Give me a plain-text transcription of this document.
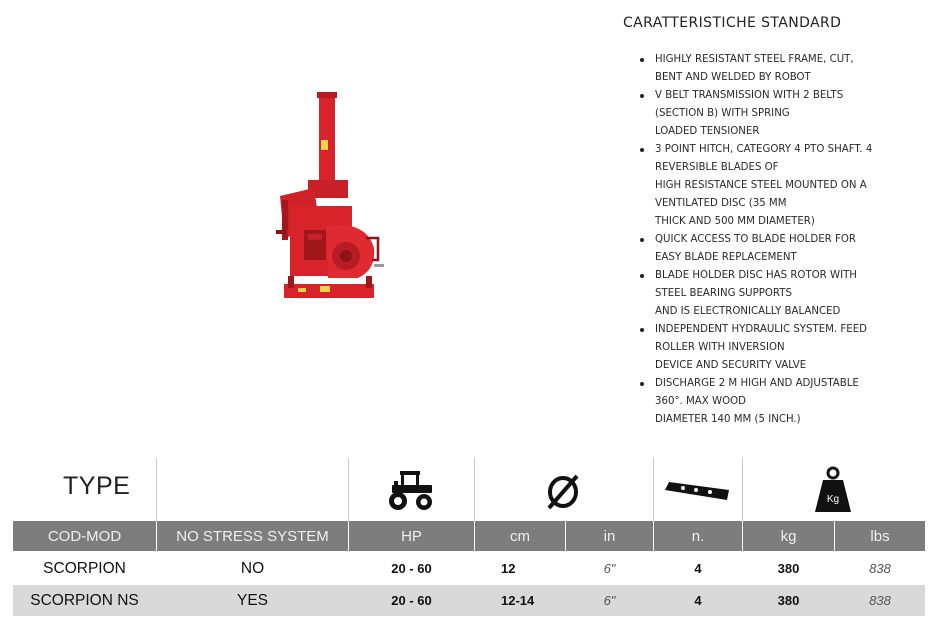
CARATTERISTICHE STANDARD
HIGHLY RESISTANT STEEL FRAME, CUT,
BENT AND WELDED BY ROBOT
V BELT TRANSMISSION WITH 2 BELTS
(SECTION B) WITH SPRING
LOADED TENSIONER
3 POINT HITCH, CATEGORY 4 PTO SHAFT. 4
REVERSIBLE BLADES OF
HIGH RESISTANCE STEEL MOUNTED ON A
VENTILATED DISC (35 MM
THICK AND 500 MM DIAMETER)
QUICK ACCESS TO BLADE HOLDER FOR
EASY BLADE REPLACEMENT
BLADE HOLDER DISC HAS ROTOR WITH
STEEL BEARING SUPPORTS
AND IS ELECTRONICALLY BALANCED
INDEPENDENT HYDRAULIC SYSTEM. FEED
ROLLER WITH INVERSION
DEVICE AND SECURITY VALVE
DISCHARGE 2 M HIGH AND ADJUSTABLE
360°. MAX WOOD
DIAMETER 140 MM (5 INCH.)
TYPE	Kg
COD-MOD	NO STRESS SYSTEM	HP	cm	in	n.	kg	lbs
SCORPION	NO	20 - 60	12	6"	4	380	838
SCORPION NS	YES	20 - 60	12-14	6"	4	380	838
